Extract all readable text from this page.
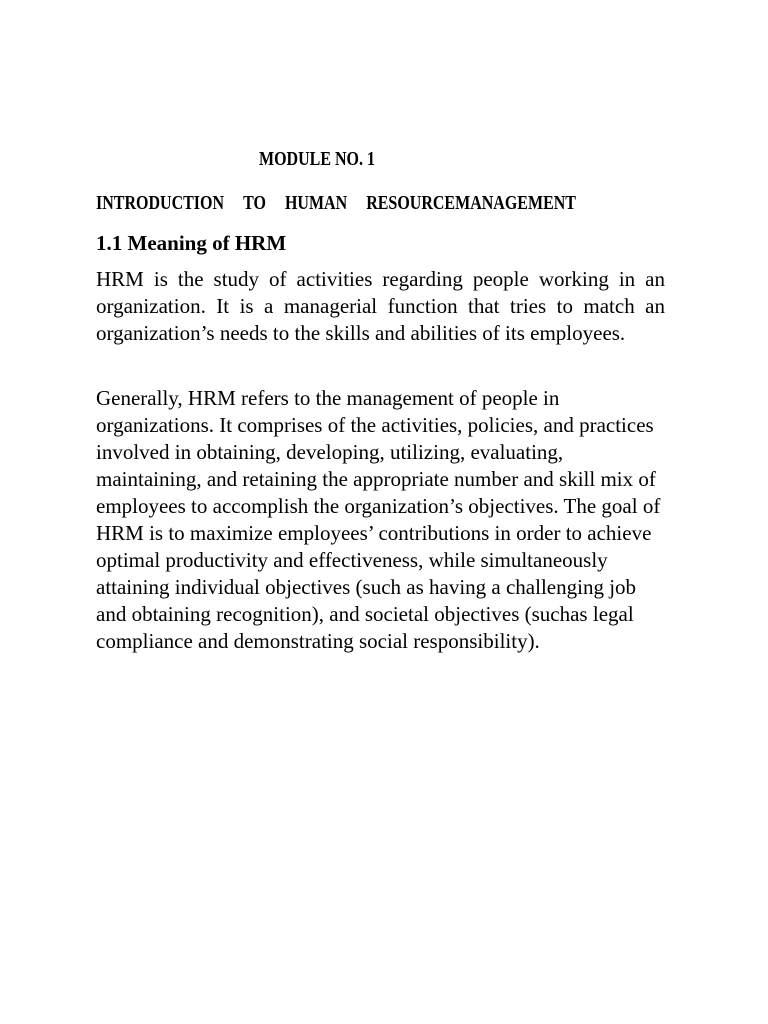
MODULE NO. 1
INTRODUCTION TO HUMAN RESOURCEMANAGEMENT
1.1 Meaning of HRM

HRM is the study of activities regarding people working in an organization. It is a managerial function that tries to match an organization’s needs to the skills and abilities of its employees.

Generally, HRM refers to the management of people in organizations. It comprises of the activities, policies, and practices involved in obtaining, developing, utilizing, evaluating, maintaining, and retaining the appropriate number and skill mix of employees to accomplish the organization’s objectives. The goal of HRM is to maximize employees’ contributions in order to achieve optimal productivity and effectiveness, while simultaneously attaining individual objectives (such as having a challenging job and obtaining recognition), and societal objectives (suchas legal compliance and demonstrating social responsibility).
